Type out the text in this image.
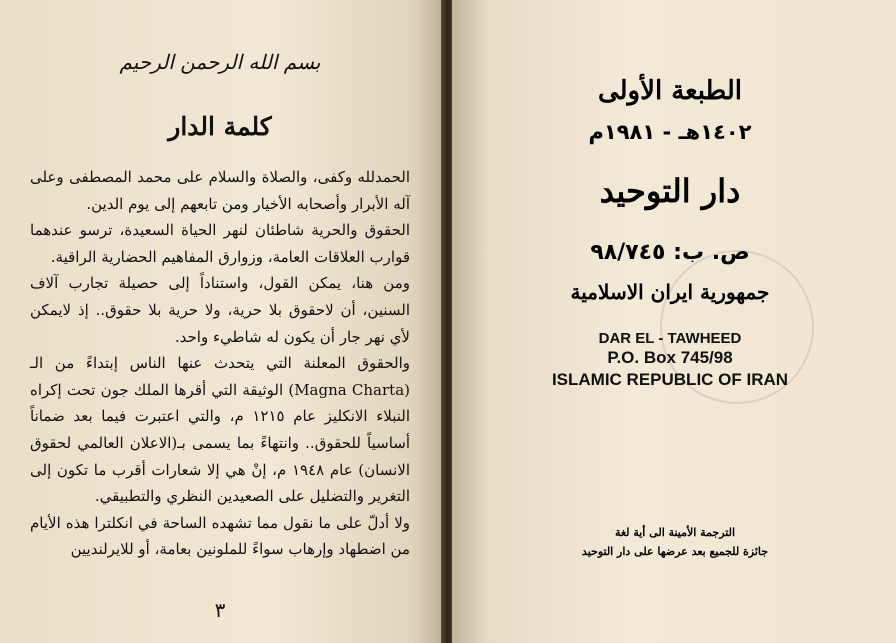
بسم الله الرحمن الرحيم
كلمة الدار

الحمدلله وكفى، والصلاة والسلام على محمد المصطفى وعلى آله الأبرار وأصحابه الأخيار ومن تابعهم إلى يوم الدين.

الحقوق والحرية شاطئان لنهر الحياة السعيدة، ترسو عندهما قوارب العلاقات العامة، وزوارق المفاهيم الحضارية الراقية.

ومن هنا، يمكن القول، واستناداً إلى حصيلة تجارب آلاف السنين، أن لاحقوق بلا حرية، ولا حرية بلا حقوق.. إذ لايمكن لأي نهر جار أن يكون له شاطيء واحد.

والحقوق المعلنة التي يتحدث عنها الناس إبتداءً من الـ (Magna Charta) الوثيقة التي أقرها الملك جون تحت إكراه النبلاء الانكليز عام ١٢١٥ م، والتي اعتبرت فيما بعد ضماناً أساسياً للحقوق.. وانتهاءً بما يسمى بـ(الاعلان العالمي لحقوق الانسان) عام ١٩٤٨ م، إنْ هي إلا شعارات أقرب ما تكون إلى التغرير والتضليل على الصعيدين النظري والتطبيقي.

ولا أدلّ على ما نقول مما تشهده الساحة في انكلترا هذه الأيام من اضطهاد وإرهاب سواءً للملونين بعامة، أو للايرلنديين

٣
الطبعة الأولى
١٤٠٢هـ - ١٩٨١م
دار التوحيد
ص. ب: ٩٨/٧٤٥
جمهورية ايران الاسلامية
DAR EL - TAWHEED
P.O. Box 745/98
ISLAMIC REPUBLIC OF IRAN
الترجمة الأمينة الى أية لغة
جائزة للجميع بعد عرضها على دار التوحيد
